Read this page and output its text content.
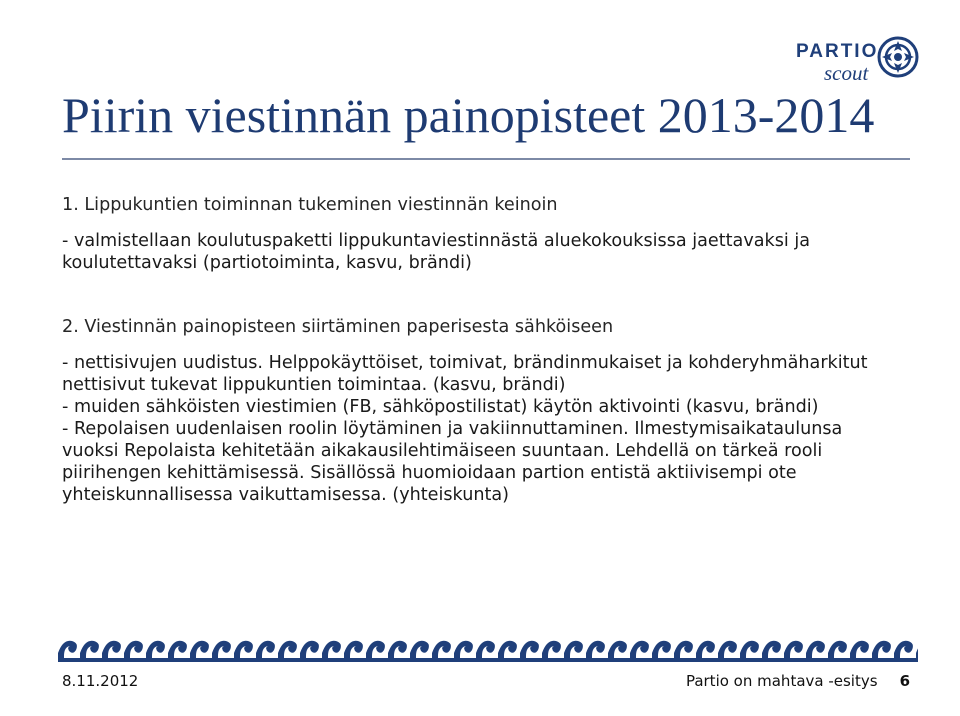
PARTIO
scout
Piirin viestinnän painopisteet 2013-2014

1. Lippukuntien toiminnan tukeminen viestinnän keinoin

- valmistellaan koulutuspaketti lippukuntaviestinnästä aluekokouksissa jaettavaksi ja

koulutettavaksi (partiotoiminta, kasvu, brändi)

2. Viestinnän painopisteen siirtäminen paperisesta sähköiseen

- nettisivujen uudistus. Helppokäyttöiset, toimivat, brändinmukaiset ja kohderyhmäharkitut

nettisivut tukevat lippukuntien toimintaa. (kasvu, brändi)

- muiden sähköisten viestimien (FB, sähköpostilistat) käytön aktivointi (kasvu, brändi)

- Repolaisen uudenlaisen roolin löytäminen ja vakiinnuttaminen. Ilmestymisaikataulunsa

vuoksi Repolaista kehitetään aikakausilehtimäiseen suuntaan. Lehdellä on tärkeä rooli

piirihengen kehittämisessä. Sisällössä huomioidaan partion entistä aktiivisempi ote

yhteiskunnallisessa vaikuttamisessa. (yhteiskunta)

8.11.2012	Partio on mahtava -esitys 6
